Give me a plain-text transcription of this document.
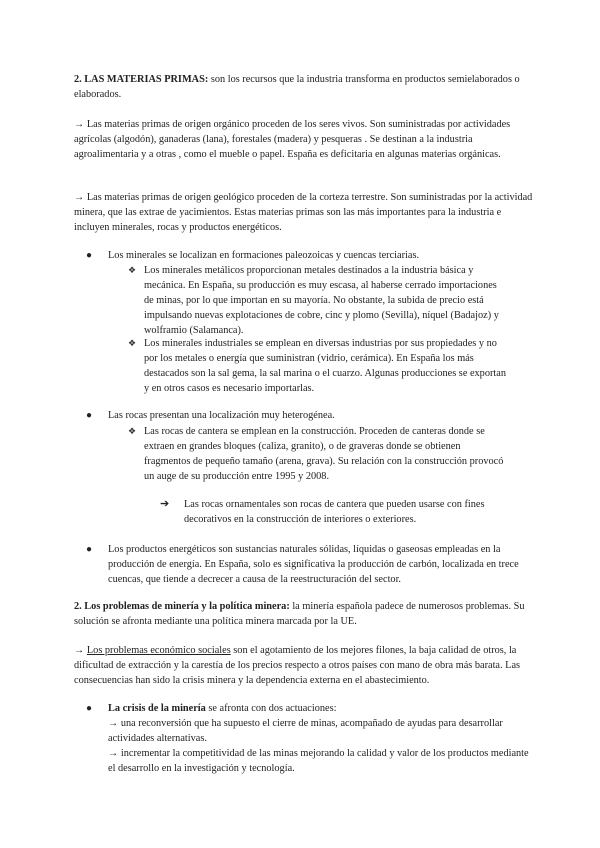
2. LAS MATERIAS PRIMAS: son los recursos que la industria transforma en productos semielaborados o elaborados.

→ Las materias primas de origen orgánico proceden de los seres vivos. Son suministradas por actividades agrícolas (algodón), ganaderas (lana), forestales (madera) y pesqueras . Se destinan a la industria agroalimentaria y a otras , como el mueble o papel. España es deficitaria en algunas materias orgánicas.

→ Las materias primas de origen geológico proceden de la corteza terrestre. Son suministradas por la actividad minera, que las extrae de yacimientos. Estas materias primas son las más importantes para la industria e incluyen minerales, rocas y productos energéticos.

● Los minerales se localizan en formaciones paleozoicas y cuencas terciarias.
❖ Los minerales metálicos proporcionan metales destinados a la industria básica y mecánica. En España, su producción es muy escasa, al haberse cerrado importaciones de minas, por lo que importan en su mayoría. No obstante, la subida de precio está impulsando nuevas explotaciones de cobre, cinc y plomo (Sevilla), níquel (Badajoz) y wolframio (Salamanca).
❖ Los minerales industriales se emplean en diversas industrias por sus propiedades y no por los metales o energía que suministran (vidrio, cerámica). En España los más destacados son la sal gema, la sal marina o el cuarzo. Algunas producciones se exportan y en otros casos es necesario importarlas.
● Las rocas presentan una localización muy heterogénea.
❖ Las rocas de cantera se emplean en la construcción. Proceden de canteras donde se extraen en grandes bloques (caliza, granito), o de graveras donde se obtienen fragmentos de pequeño tamaño (arena, grava). Su relación con la construcción provocó un auge de su producción entre 1995 y 2008.
➔ Las rocas ornamentales son rocas de cantera que pueden usarse con fines decorativos en la construcción de interiores o exteriores.
● Los productos energéticos son sustancias naturales sólidas, líquidas o gaseosas empleadas en la producción de energía. En España, solo es significativa la producción de carbón, localizada en trece cuencas, que tiende a decrecer a causa de la reestructuración del sector.

2. Los problemas de minería y la política minera: la minería española padece de numerosos problemas. Su solución se afronta mediante una política minera marcada por la UE.

→ Los problemas económico sociales son el agotamiento de los mejores filones, la baja calidad de otros, la dificultad de extracción y la carestía de los precios respecto a otros países con mano de obra más barata. Las consecuencias han sido la crisis minera y la dependencia externa en el abastecimiento.

● La crisis de la minería se afronta con dos actuaciones:
→ una reconversión que ha supuesto el cierre de minas, acompañado de ayudas para desarrollar actividades alternativas.
→ incrementar la competitividad de las minas mejorando la calidad y valor de los productos mediante el desarrollo en la investigación y tecnología.
